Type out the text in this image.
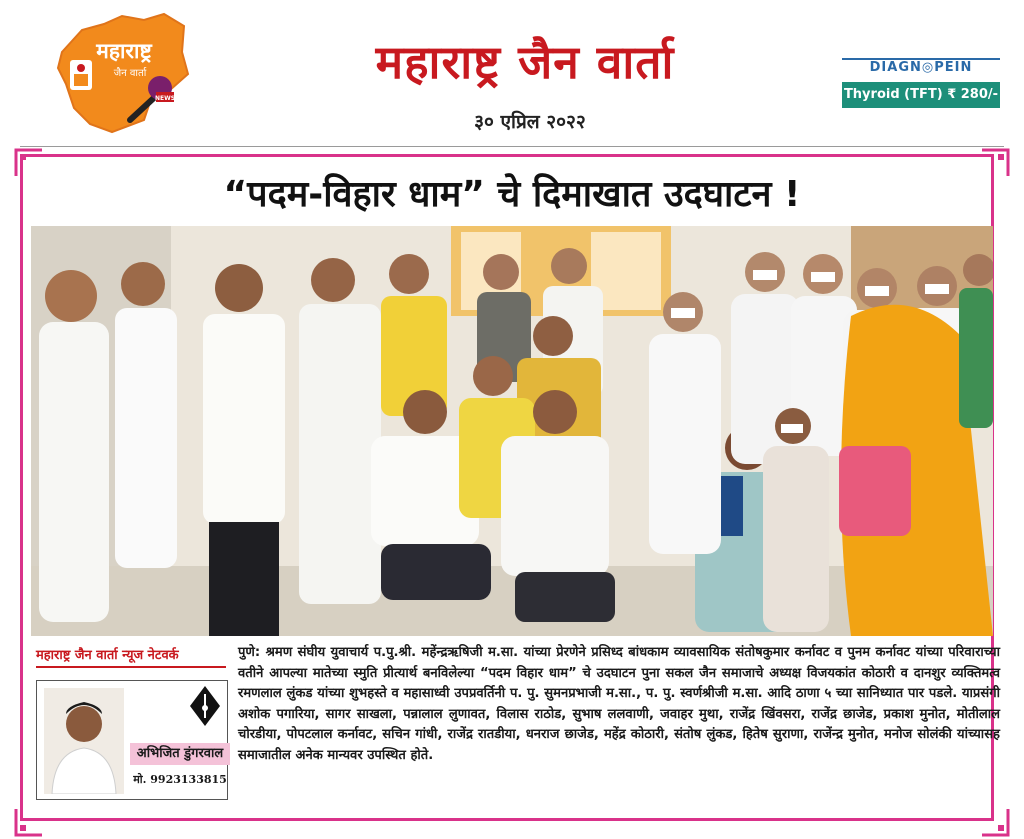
महाराष्ट्र
जैन वार्ता
NEWS
महाराष्ट्र जैन वार्ता
३० एप्रिल २०२२
DIAGN◎PEIN
Thyroid (TFT) ₹ 280/-
“पदम-विहार धाम” चे दिमाखात उदघाटन !
महाराष्ट्र जैन वार्ता न्यूज नेटवर्क
अभिजित डुंगरवाल
मो. 9923133815
पुणे: श्रमण संघीय युवाचार्य प.पु.श्री. महेंन्द्रऋषिजी म.सा. यांच्या प्रेरणेने प्रसिध्द बांधकाम व्यावसायिक संतोषकुमार कर्नावट व पुनम कर्नावट यांच्या परिवाराच्या वतीने आपल्या मातेच्या स्मुति प्रीत्यार्थ बनविलेल्या “पदम विहार धाम” चे उदघाटन पुना सकल जैन समाजाचे अध्यक्ष विजयकांत कोठारी व दानशुर व्यक्तिमत्व रमणलाल लुंकड यांच्या शुभहस्ते व महासाध्वी उपप्रवर्तिनी प. पु. सुमनप्रभाजी म.सा., प. पु. स्वर्णश्रीजी म.सा. आदि ठाणा ५ च्या सानिध्यात पार पडले. याप्रसंगी अशोक पगारिया, सागर साखला, पन्नालाल लुणावत, विलास राठोड, सुभाष ललवाणी, जवाहर मुथा, राजेंद्र खिंवसरा, राजेंद्र छाजेड, प्रकाश मुनोत, मोतीलाल चोरडीया, पोपटलाल कर्नावट, सचिन गांधी, राजेंद्र रातडीया, धनराज छाजेड, महेंद्र कोठारी, संतोष लुंकड, हितेष सुराणा, राजेंन्द्र मुनोत, मनोज सोलंकी यांच्यासह समाजातील अनेक मान्यवर उपस्थित होते.
